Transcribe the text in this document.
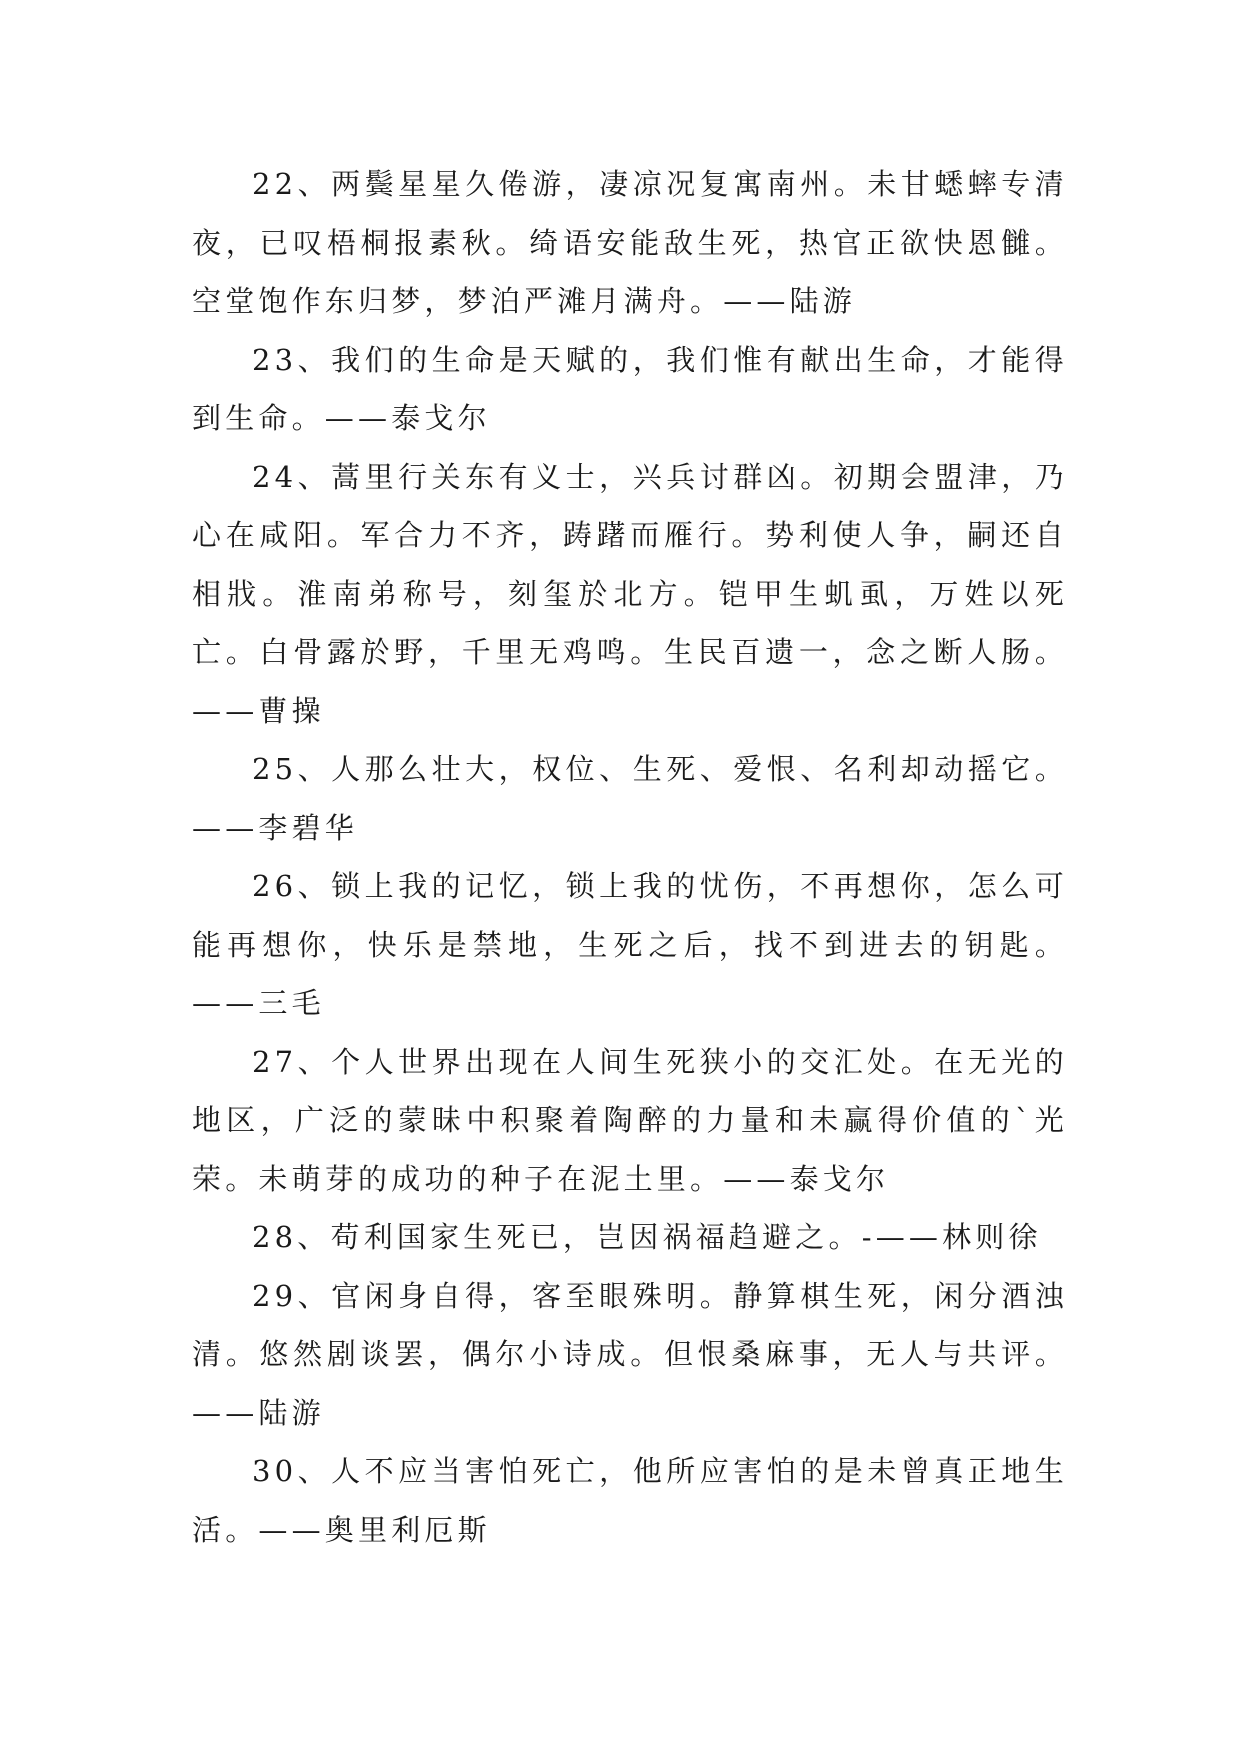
22、两鬓星星久倦游，凄凉况复寓南州。未甘蟋蟀专清夜，已叹梧桐报素秋。绮语安能敌生死，热官正欲快恩雠。空堂饱作东归梦，梦泊严滩月满舟。——陆游

23、我们的生命是天赋的，我们惟有献出生命，才能得到生命。——泰戈尔

24、蒿里行关东有义士，兴兵讨群凶。初期会盟津，乃心在咸阳。军合力不齐，踌躇而雁行。势利使人争，嗣还自相戕。淮南弟称号，刻玺於北方。铠甲生虮虱，万姓以死亡。白骨露於野，千里无鸡鸣。生民百遗一，念之断人肠。 ——曹操

25、人那么壮大，权位、生死、爱恨、名利却动摇它。——李碧华

26、锁上我的记忆，锁上我的忧伤，不再想你，怎么可能再想你，快乐是禁地，生死之后，找不到进去的钥匙。——三毛

27、个人世界出现在人间生死狭小的交汇处。在无光的地区，广泛的蒙昧中积聚着陶醉的力量和未赢得价值的`光荣。未萌芽的成功的种子在泥土里。——泰戈尔

28、苟利国家生死已，岂因祸福趋避之。-——林则徐

29、官闲身自得，客至眼殊明。静算棋生死，闲分酒浊清。悠然剧谈罢，偶尔小诗成。但恨桑麻事，无人与共评。——陆游

30、人不应当害怕死亡，他所应害怕的是未曾真正地生活。——奥里利厄斯
